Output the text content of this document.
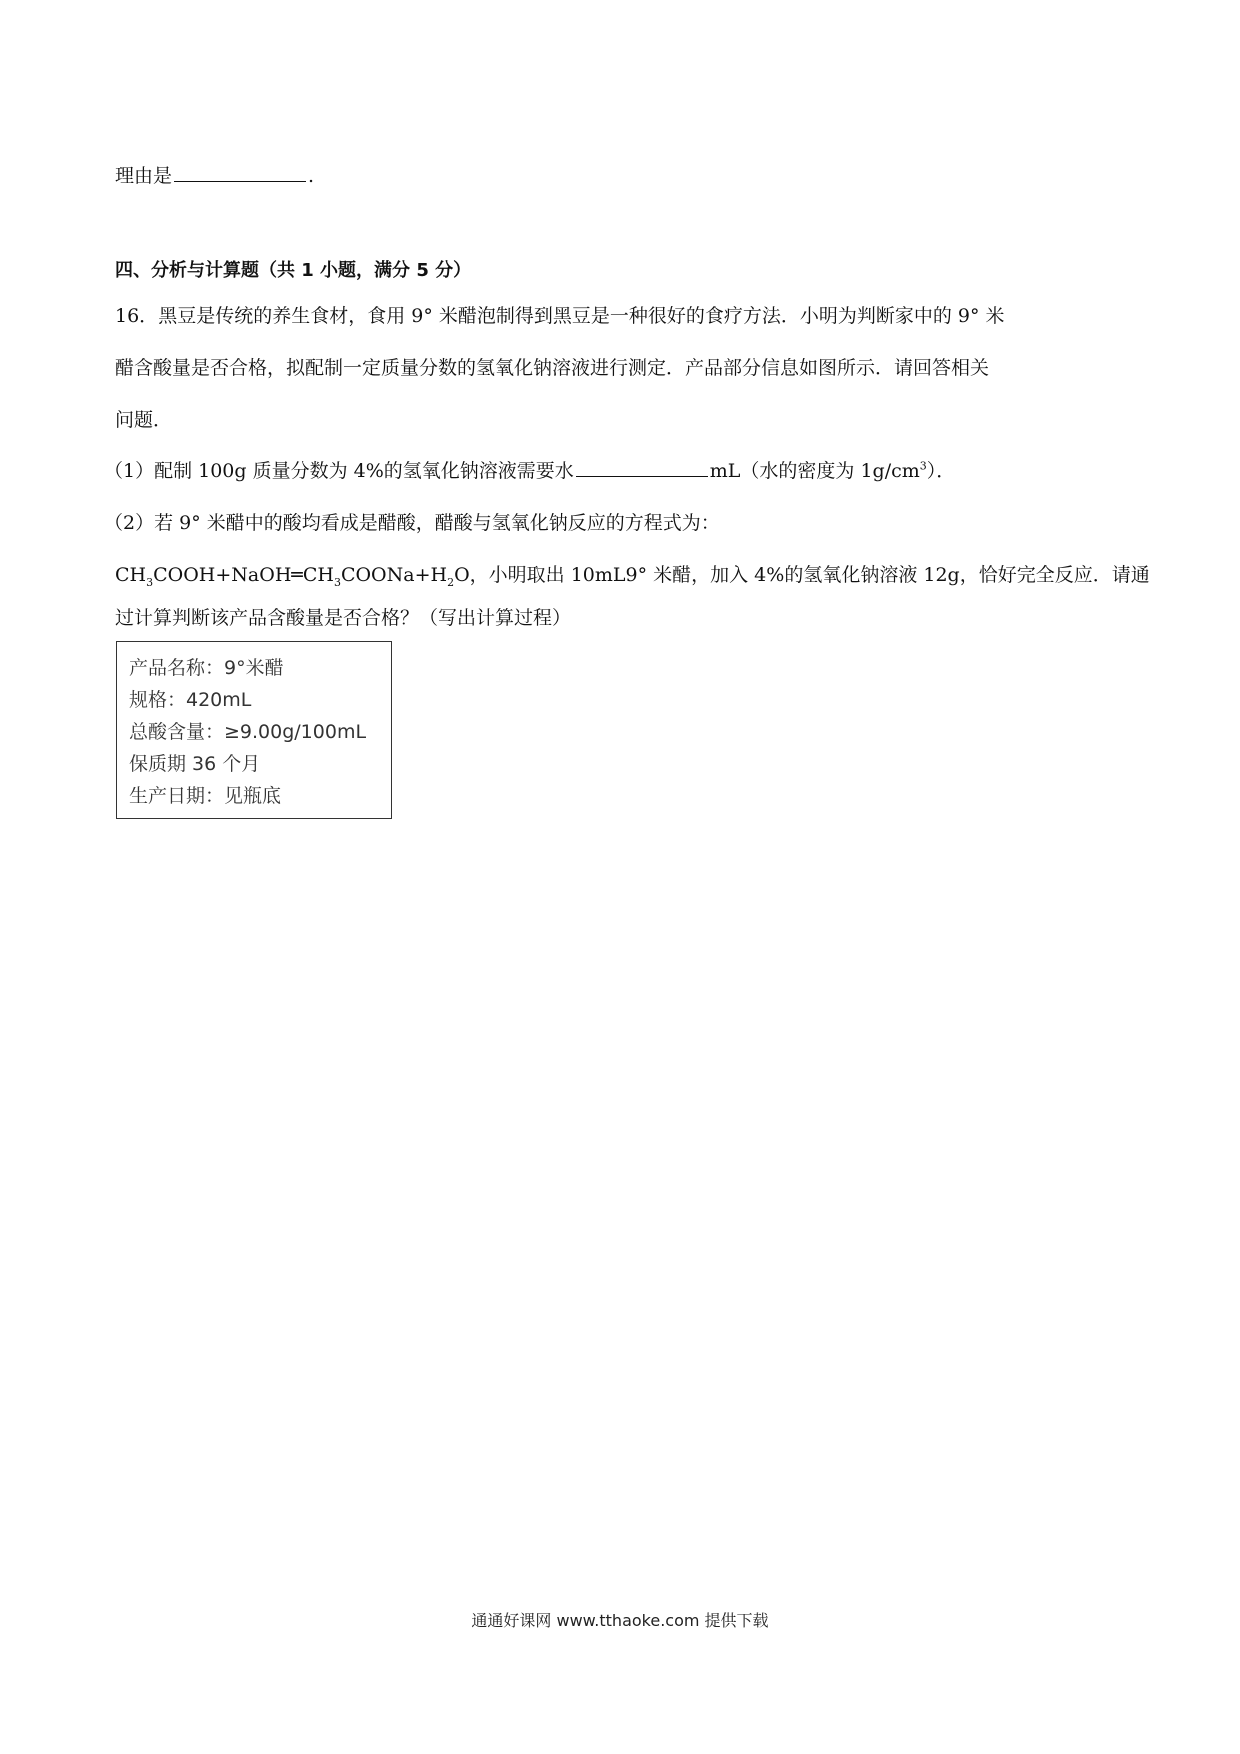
理由是	.
四、分析与计算题（共 1 小题，满分 5 分）
16．黑豆是传统的养生食材，食用 9° 米醋泡制得到黑豆是一种很好的食疗方法．小明为判断家中的 9° 米
醋含酸量是否合格，拟配制一定质量分数的氢氧化钠溶液进行测定．产品部分信息如图所示．请回答相关
问题．
（1）配制 100g 质量分数为 4%的氢氧化钠溶液需要水	mL（水的密度为 $1g/cm^3$）．
（2）若 9° 米醋中的酸均看成是醋酸，醋酸与氢氧化钠反应的方程式为：
$CH_3COOH+NaOH═CH_3COONa+H_2O$，小明取出 10mL9° 米醋，加入 4%的氢氧化钠溶液 12g，恰好完全反应．请通
过计算判断该产品含酸量是否合格？（写出计算过程）
产品名称：9°米醋
规格：420mL
总酸含量：≥9.00g/100mL
保质期 36 个月
生产日期：见瓶底
通通好课网 www.tthaoke.com 提供下载
